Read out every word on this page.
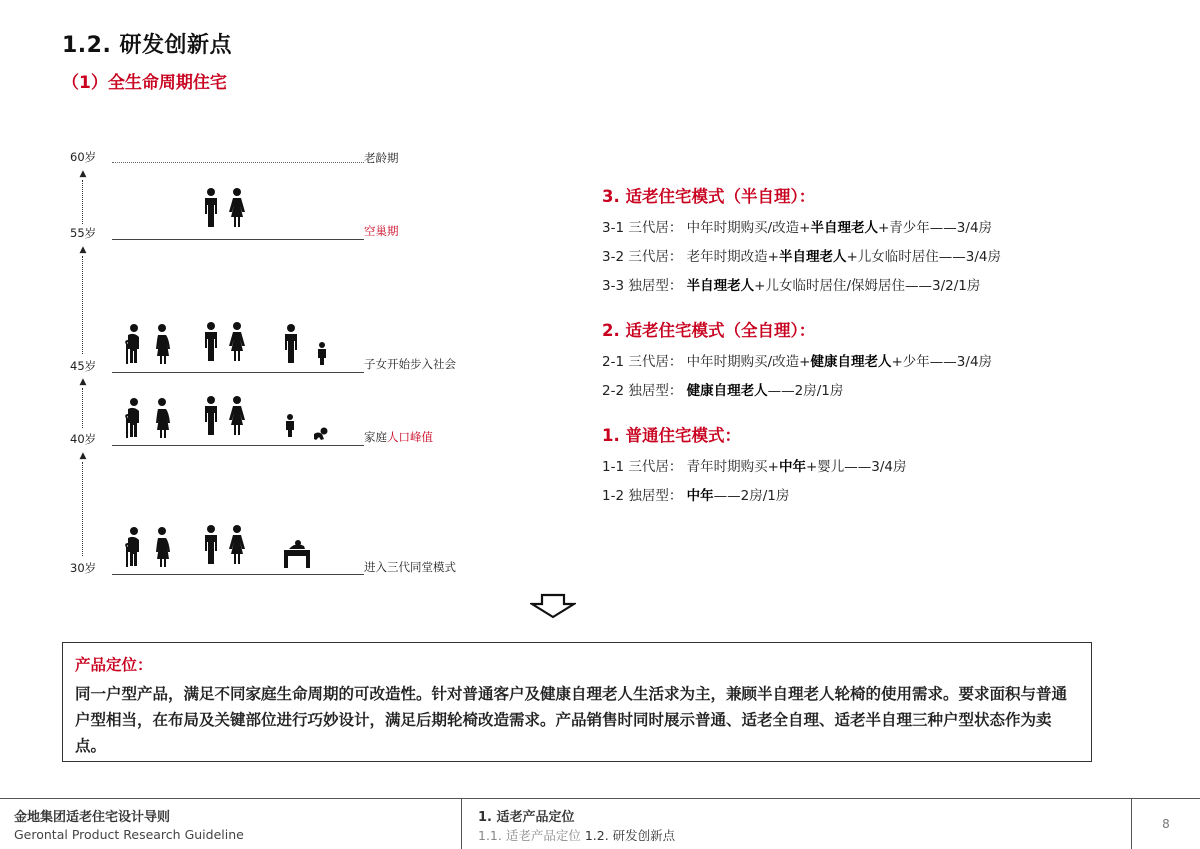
1.2. 研发创新点
（1）全生命周期住宅
60岁
55岁
45岁
40岁
30岁
老龄期
空巢期
子女开始步入社会
家庭人口峰值
进入三代同堂模式
▲
▲
▲
▲
3. 适老住宅模式（半自理）：
3-1 三代居： 中年时期购买/改造+半自理老人+青少年——3/4房
3-2 三代居： 老年时期改造+半自理老人+儿女临时居住——3/4房
3-3 独居型： 半自理老人+儿女临时居住/保姆居住——3/2/1房
2. 适老住宅模式（全自理）：
2-1 三代居： 中年时期购买/改造+健康自理老人+少年——3/4房
2-2 独居型： 健康自理老人——2房/1房
1. 普通住宅模式：
1-1 三代居： 青年时期购买+中年+婴儿——3/4房
1-2 独居型： 中年——2房/1房
产品定位：
同一户型产品，满足不同家庭生命周期的可改造性。针对普通客户及健康自理老人生活求为主，兼顾半自理老人轮椅的使用需求。要求面积与普通户型相当，在布局及关键部位进行巧妙设计，满足后期轮椅改造需求。产品销售时同时展示普通、适老全自理、适老半自理三种户型状态作为卖点。
金地集团适老住宅设计导则
Gerontal Product Research Guideline
1. 适老产品定位
1.1. 适老产品定位 1.2. 研发创新点
8
